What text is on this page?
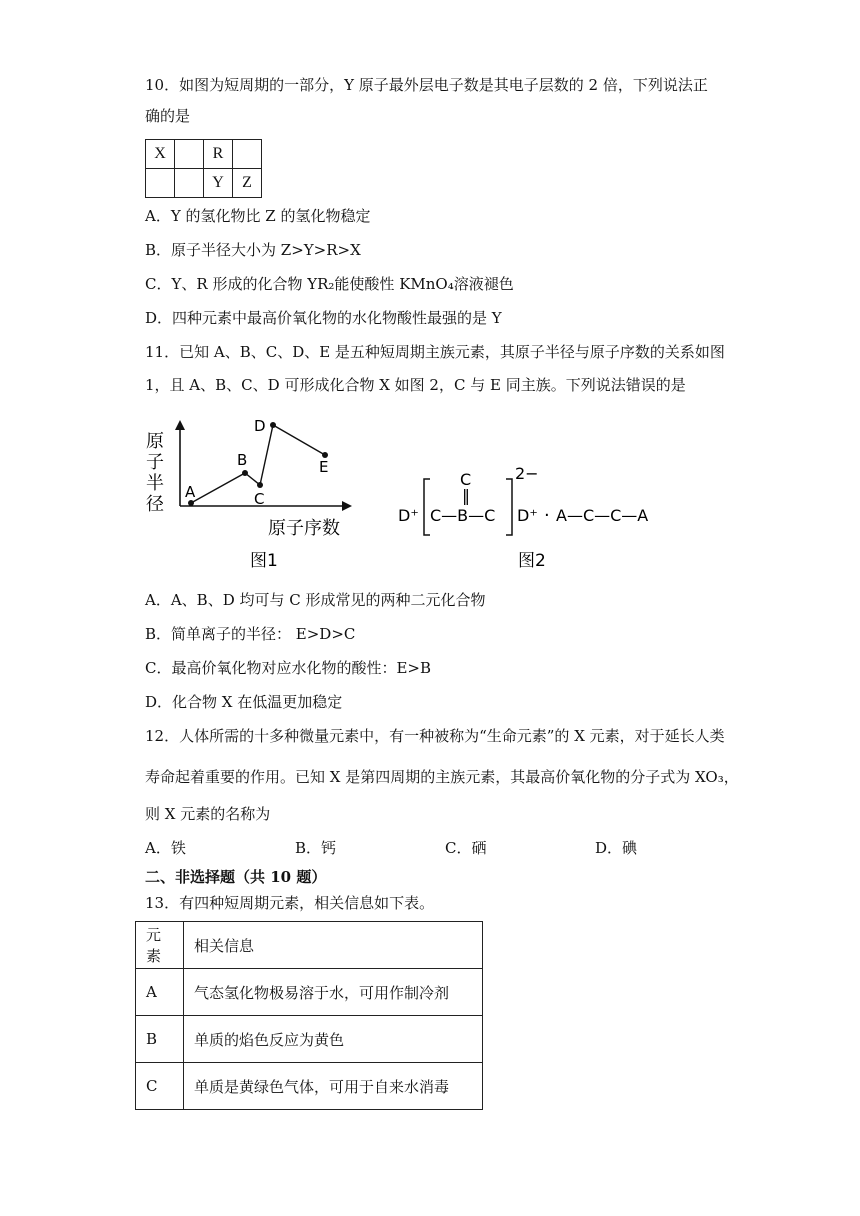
10．如图为短周期的一部分，Y 原子最外层电子数是其电子层数的 2 倍，下列说法正
确的是
X		R	
		Y	Z
A．Y 的氢化物比 Z 的氢化物稳定
B．原子半径大小为 Z>Y>R>X
C．Y、R 形成的化合物 YR₂能使酸性 KMnO₄溶液褪色
D．四种元素中最高价氧化物的水化物酸性最强的是 Y
11．已知 A、B、C、D、E 是五种短周期主族元素，其原子半径与原子序数的关系如图
1，且 A、B、C、D 可形成化合物 X 如图 2，C 与 E 同主族。下列说法错误的是
原
子
半
径
A
B
C
D
E
原子序数
图1
D⁺
C
‖
C—B—C
2−
D⁺ · A—C—C—A
图2
A．A、B、D 均可与 C 形成常见的两种二元化合物
B．简单离子的半径： E>D>C
C．最高价氧化物对应水化物的酸性：E>B
D．化合物 X 在低温更加稳定
12．人体所需的十多种微量元素中，有一种被称为“生命元素”的 X 元素，对于延长人类
寿命起着重要的作用。已知 X 是第四周期的主族元素，其最高价氧化物的分子式为 XO₃，
则 X 元素的名称为
A．铁	B．钙	C．硒	D．碘
二、非选择题（共 10 题）
13．有四种短周期元素，相关信息如下表。
元素	相关信息
A	气态氢化物极易溶于水，可用作制冷剂
B	单质的焰色反应为黄色
C	单质是黄绿色气体，可用于自来水消毒
